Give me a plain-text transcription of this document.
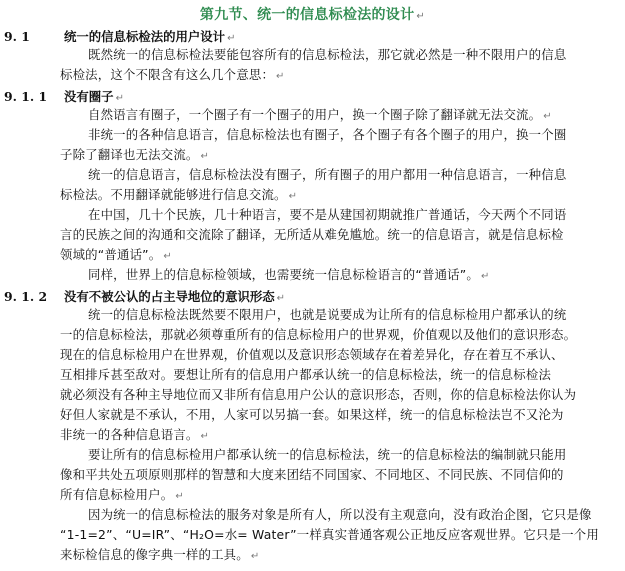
第九节、统一的信息标检法的设计 ↵
9. 1	统一的信息标检法的用户设计 ↵
既然统一的信息标检法要能包容所有的信息标检法，那它就必然是一种不限用户的信息
标检法，这个不限含有这么几个意思： ↵
9. 1. 1 没有圈子 ↵
自然语言有圈子，一个圈子有一个圈子的用户，换一个圈子除了翻译就无法交流。 ↵
非统一的各种信息语言，信息标检法也有圈子，各个圈子有各个圈子的用户，换一个圈
子除了翻译也无法交流。 ↵
统一的信息语言，信息标检法没有圈子，所有圈子的用户都用一种信息语言，一种信息
标检法。不用翻译就能够进行信息交流。 ↵
在中国，几十个民族，几十种语言，要不是从建国初期就推广普通话，今天两个不同语
言的民族之间的沟通和交流除了翻译，无所适从难免尴尬。统一的信息语言，就是信息标检
领域的“普通话”。 ↵
同样，世界上的信息标检领域，也需要统一信息标检语言的“普通话”。 ↵
9. 1. 2 没有不被公认的占主导地位的意识形态 ↵
统一的信息标检法既然要不限用户，也就是说要成为让所有的信息标检用户都承认的统
一的信息标检法，那就必须尊重所有的信息标检用户的世界观，价值观以及他们的意识形态。
现在的信息标检用户在世界观，价值观以及意识形态领域存在着差异化，存在着互不承认、
互相排斥甚至敌对。要想让所有的信息用户都承认统一的信息标检法，统一的信息标检法
就必须没有各种主导地位而又非所有信息用户公认的意识形态，否则，你的信息标检法你认为
好但人家就是不承认，不用，人家可以另搞一套。如果这样，统一的信息标检法岂不又沦为
非统一的各种信息语言。 ↵
要让所有的信息标检用户都承认统一的信息标检法，统一的信息标检法的编制就只能用
像和平共处五项原则那样的智慧和大度来团结不同国家、不同地区、不同民族、不同信仰的
所有信息标检用户。 ↵
因为统一的信息标检法的服务对象是所有人，所以没有主观意向，没有政治企图，它只是像
“1-1=2”、“U=IR”、“H₂O=水= Water”一样真实普通客观公正地反应客观世界。它只是一个用
来标检信息的像字典一样的工具。 ↵
